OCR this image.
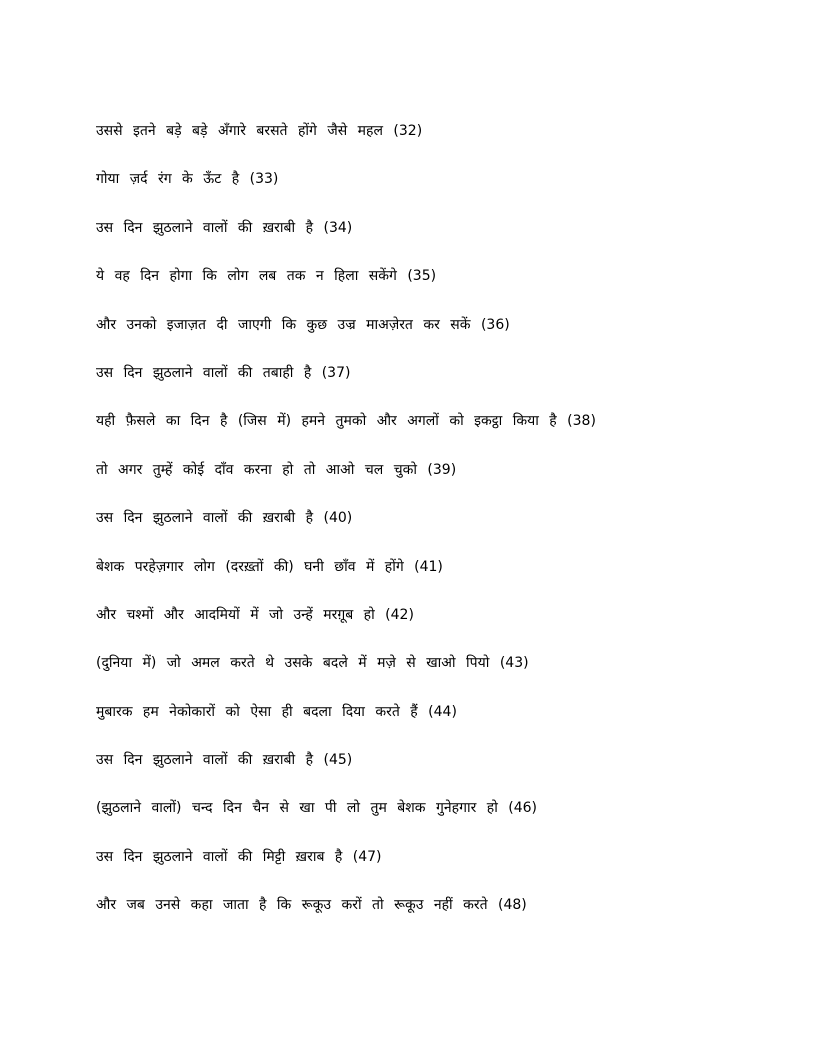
उससे इतने बड़े बड़े अँगारे बरसते होंगे जैसे महल (32)
गोया ज़र्द रंग के ऊँट है (33)
उस दिन झुठलाने वालों की ख़राबी है (34)
ये वह दिन होगा कि लोग लब तक न हिला सकेंगे (35)
और उनको इजाज़त दी जाएगी कि कुछ उज्र माअज़ेरत कर सकें (36)
उस दिन झुठलाने वालों की तबाही है (37)
यही फ़ैसले का दिन है (जिस में) हमने तुमको और अगलों को इकट्ठा किया है (38)
तो अगर तुम्हें कोई दाँव करना हो तो आओ चल चुको (39)
उस दिन झुठलाने वालों की ख़राबी है (40)
बेशक परहेज़गार लोग (दरख़्तों की) घनी छाँव में होंगे (41)
और चश्मों और आदमियों में जो उन्हें मरग़ूब हो (42)
(दुनिया में) जो अमल करते थे उसके बदले में मज़े से खाओ पियो (43)
मुबारक हम नेकोकारों को ऐसा ही बदला दिया करते हैं (44)
उस दिन झुठलाने वालों की ख़राबी है (45)
(झुठलाने वालों) चन्द दिन चैन से खा पी लो तुम बेशक गुनेहगार हो (46)
उस दिन झुठलाने वालों की मिट्टी ख़राब है (47)
और जब उनसे कहा जाता है कि रूकूउ करों तो रूकूउ नहीं करते (48)
